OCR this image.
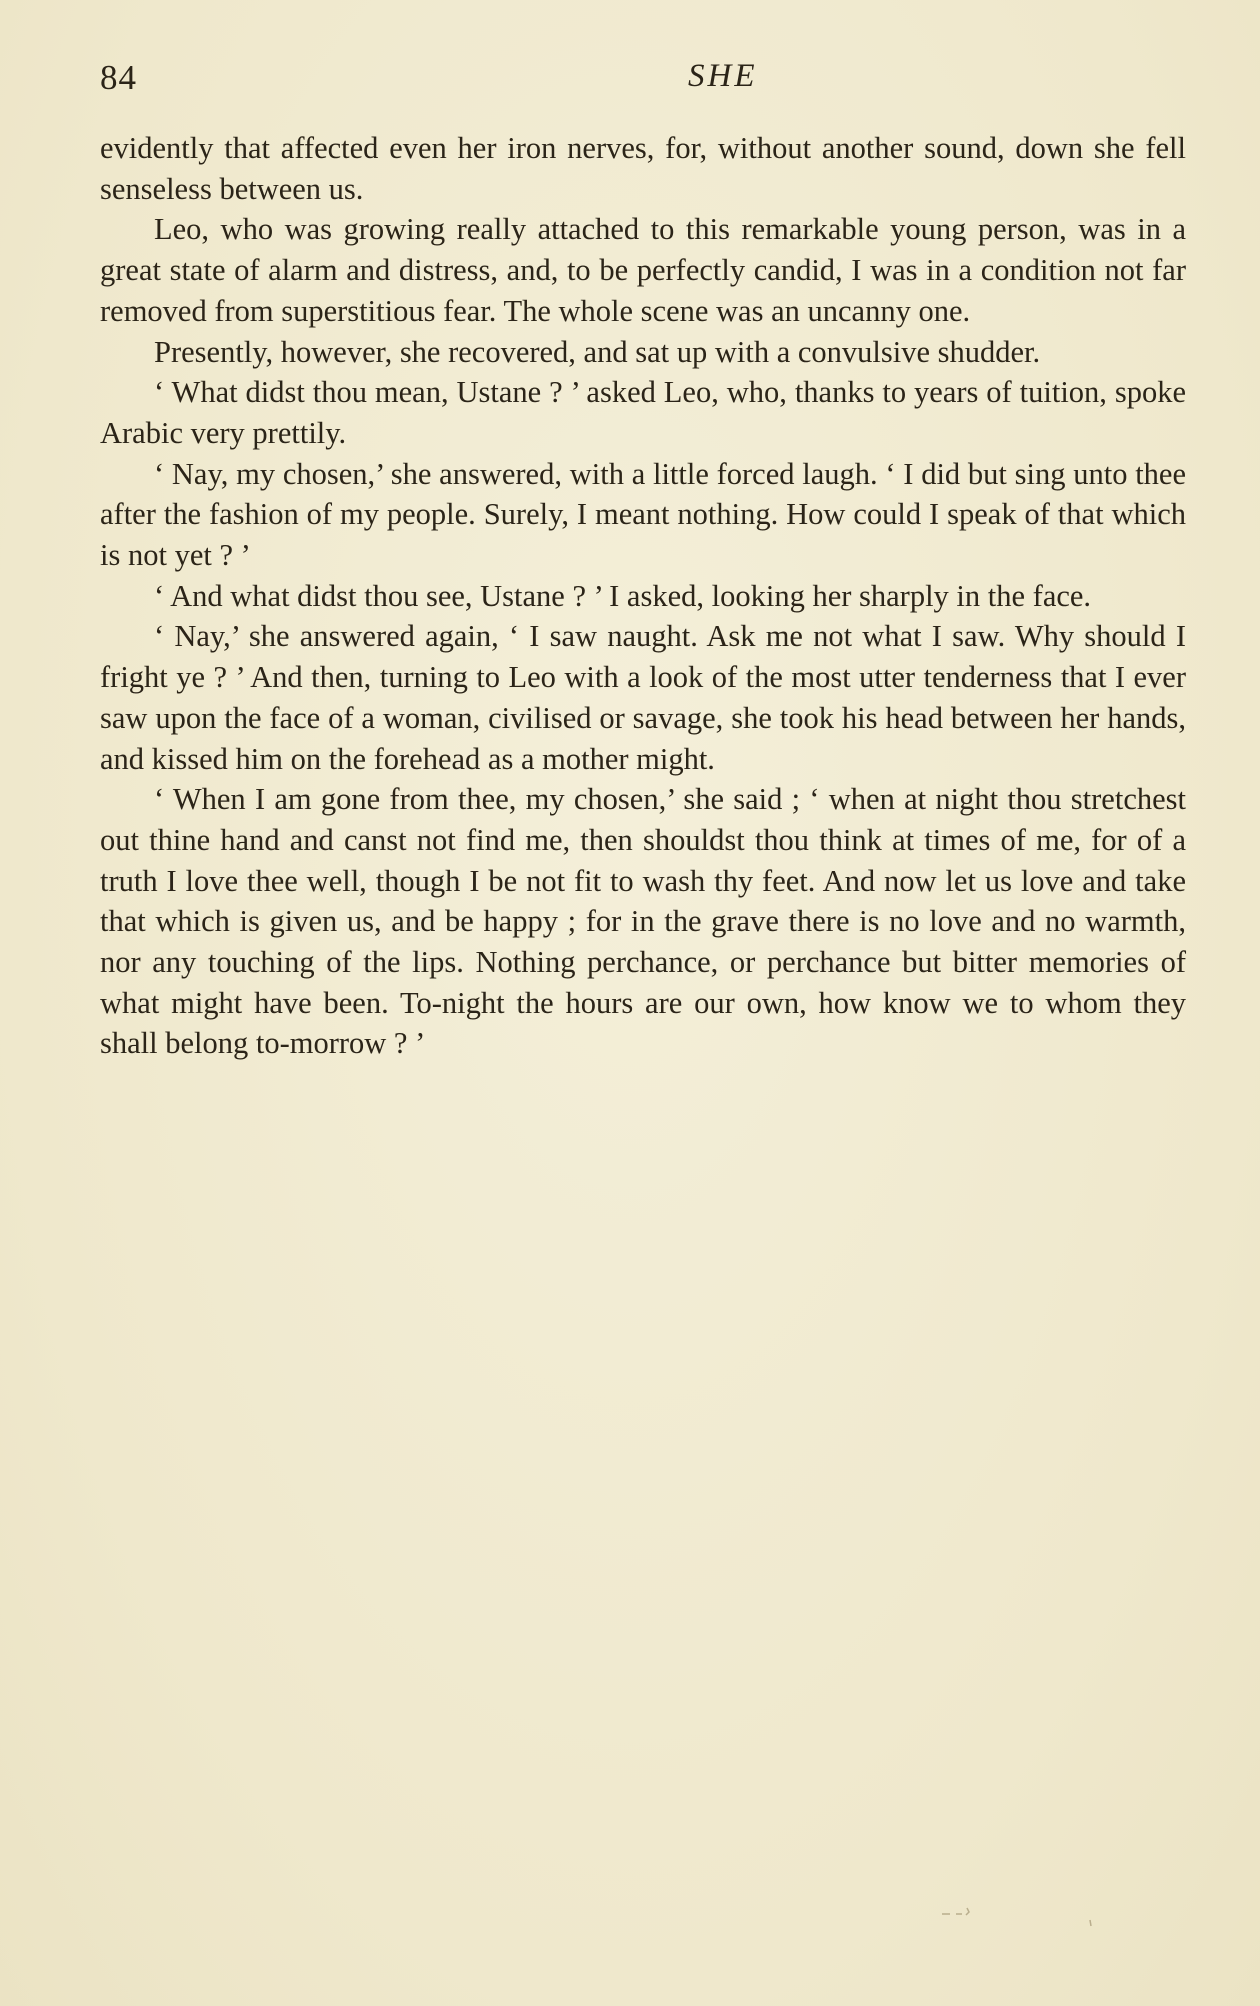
84	SHE

evidently that affected even her iron nerves, for, without another sound, down she fell senseless between us.

Leo, who was growing really attached to this remarkable young person, was in a great state of alarm and distress, and, to be perfectly candid, I was in a condition not far removed from superstitious fear. The whole scene was an uncanny one.

Presently, however, she recovered, and sat up with a convulsive shudder.

‘ What didst thou mean, Ustane ? ’ asked Leo, who, thanks to years of tuition, spoke Arabic very prettily.

‘ Nay, my chosen,’ she answered, with a little forced laugh. ‘ I did but sing unto thee after the fashion of my people. Surely, I meant nothing. How could I speak of that which is not yet ? ’

‘ And what didst thou see, Ustane ? ’ I asked, looking her sharply in the face.

‘ Nay,’ she answered again, ‘ I saw naught. Ask me not what I saw. Why should I fright ye ? ’ And then, turning to Leo with a look of the most utter tenderness that I ever saw upon the face of a woman, civilised or savage, she took his head between her hands, and kissed him on the forehead as a mother might.

‘ When I am gone from thee, my chosen,’ she said ; ‘ when at night thou stretchest out thine hand and canst not find me, then shouldst thou think at times of me, for of a truth I love thee well, though I be not fit to wash thy feet. And now let us love and take that which is given us, and be happy ; for in the grave there is no love and no warmth, nor any touching of the lips. Nothing perchance, or perchance but bitter memories of what might have been. To-night the hours are our own, how know we to whom they shall belong to-morrow ? ’
